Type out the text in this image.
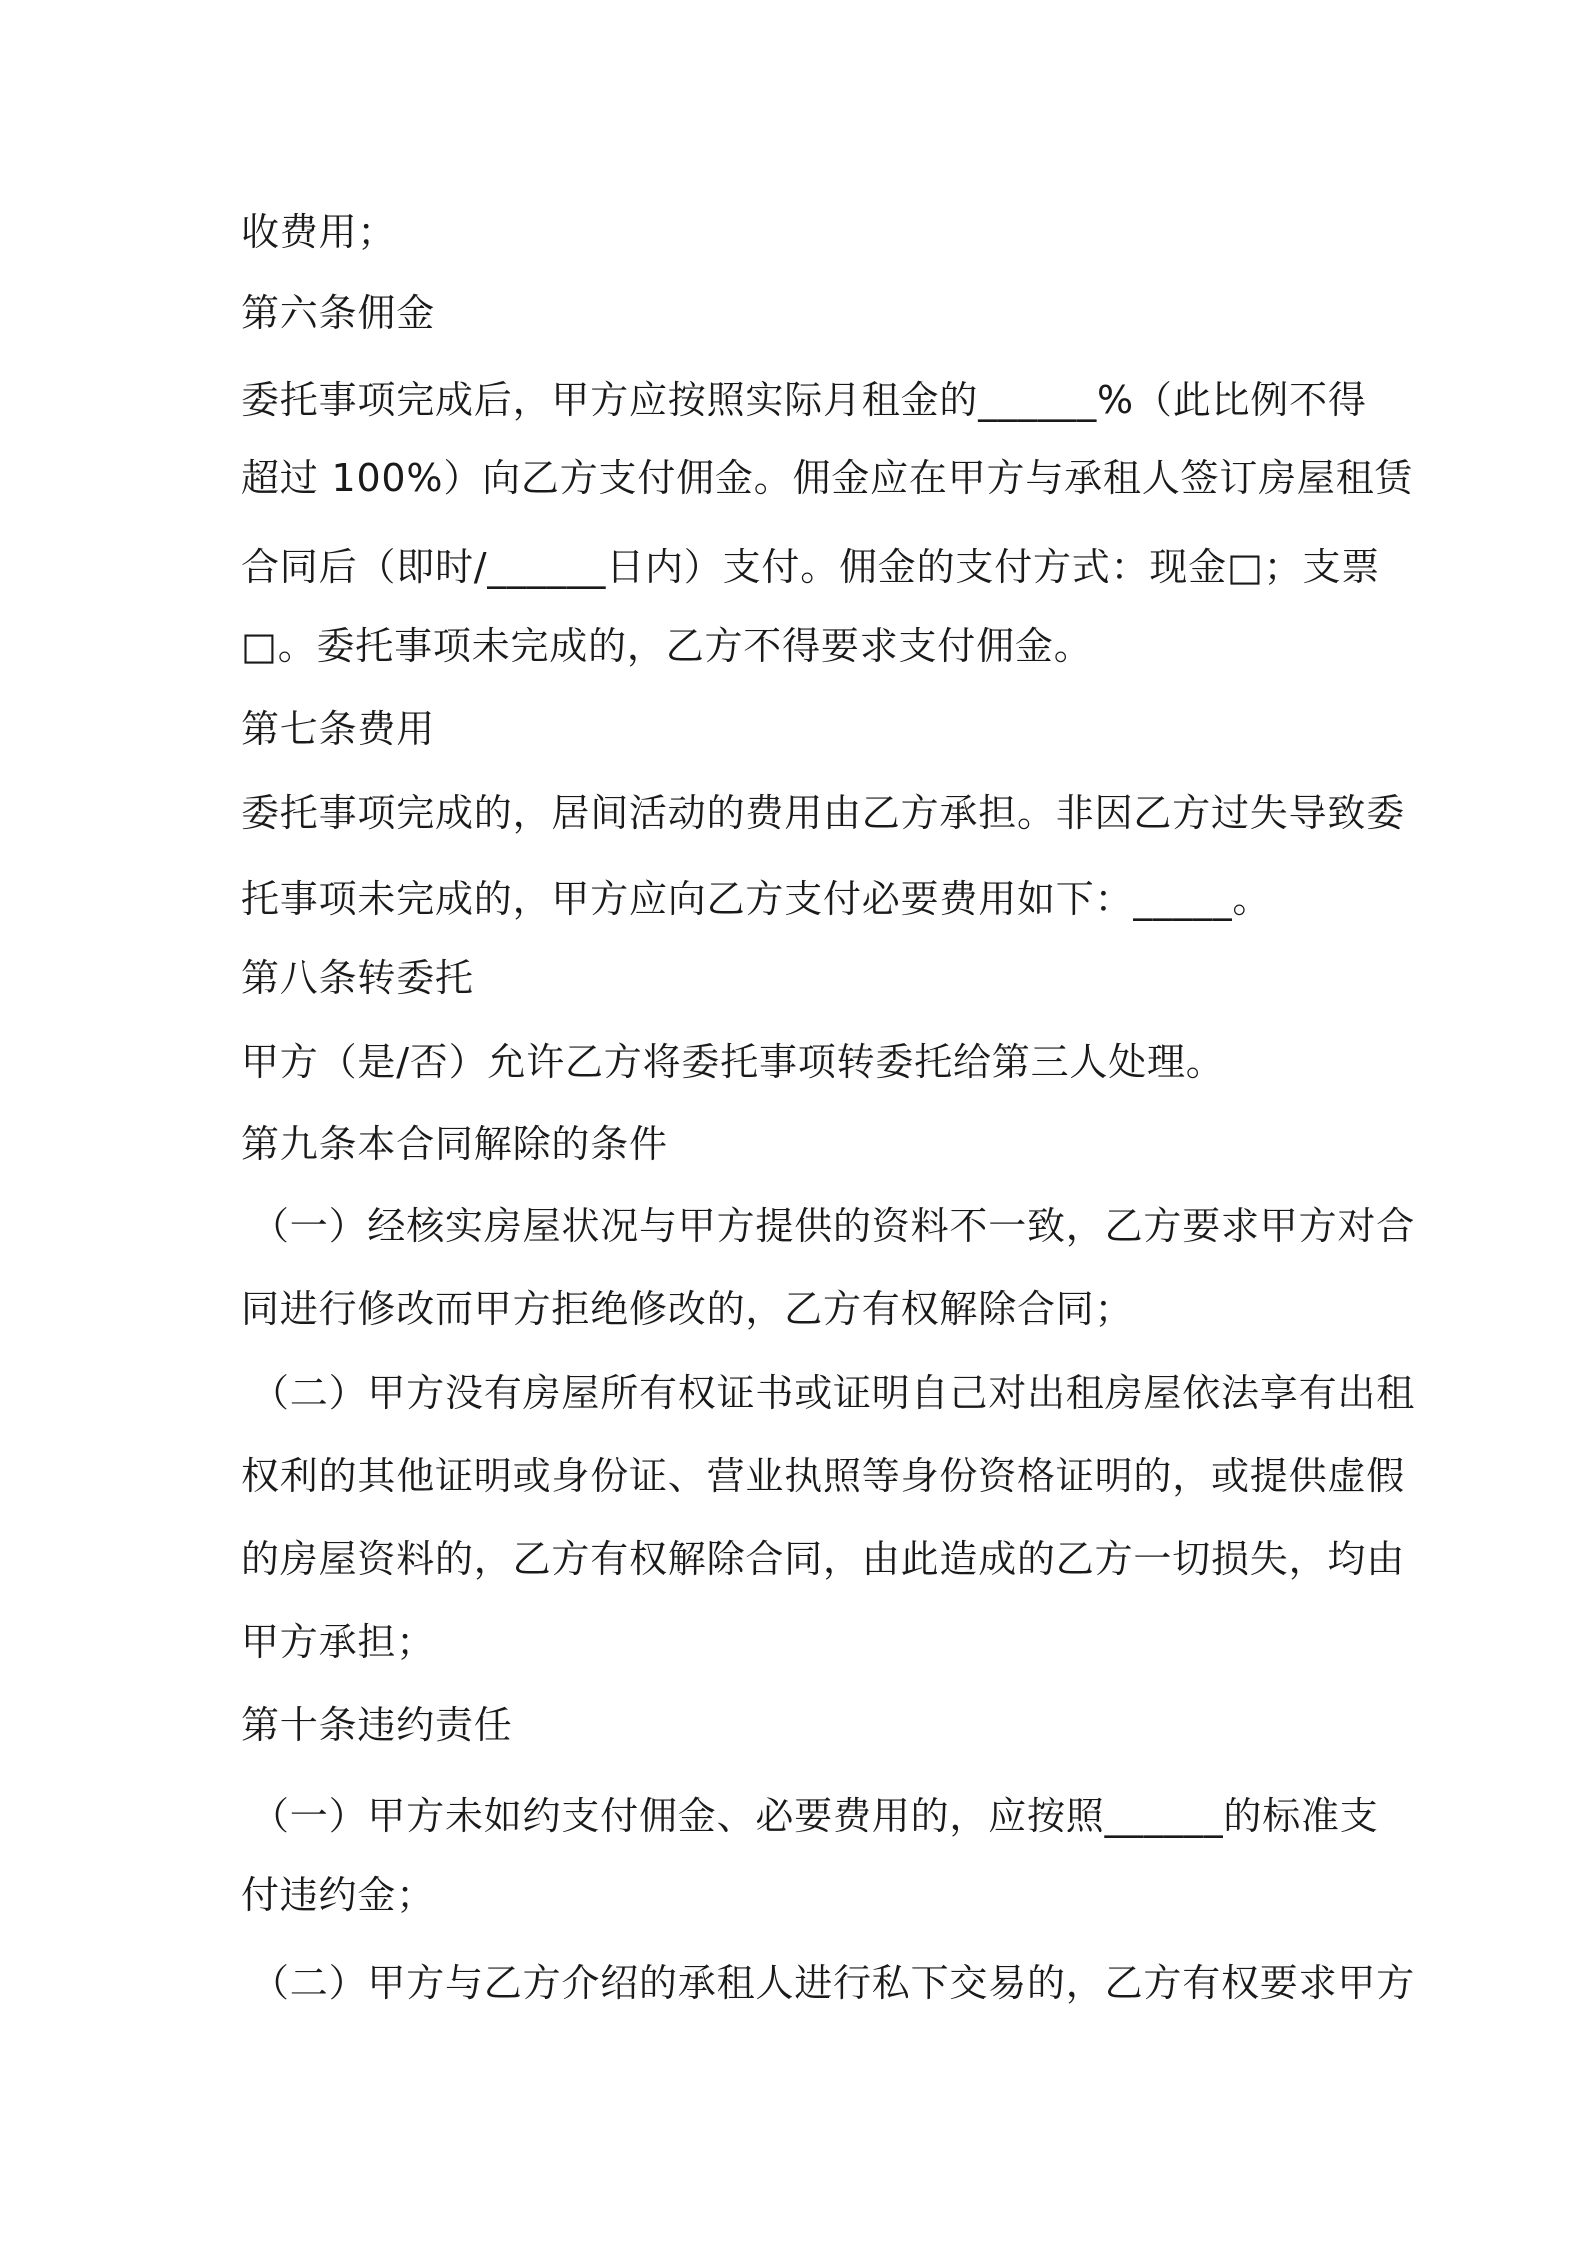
收费用；

第六条佣金

委托事项完成后，甲方应按照实际月租金的______%（此比例不得

超过 100%）向乙方支付佣金。佣金应在甲方与承租人签订房屋租赁

合同后（即时/______日内）支付。佣金的支付方式：现金□；支票

□。委托事项未完成的，乙方不得要求支付佣金。

第七条费用

委托事项完成的，居间活动的费用由乙方承担。非因乙方过失导致委

托事项未完成的，甲方应向乙方支付必要费用如下：_____。

第八条转委托

甲方（是/否）允许乙方将委托事项转委托给第三人处理。

第九条本合同解除的条件

（一）经核实房屋状况与甲方提供的资料不一致，乙方要求甲方对合

同进行修改而甲方拒绝修改的，乙方有权解除合同；

（二）甲方没有房屋所有权证书或证明自己对出租房屋依法享有出租

权利的其他证明或身份证、营业执照等身份资格证明的，或提供虚假

的房屋资料的，乙方有权解除合同，由此造成的乙方一切损失，均由

甲方承担；

第十条违约责任

（一）甲方未如约支付佣金、必要费用的，应按照______的标准支

付违约金；

（二）甲方与乙方介绍的承租人进行私下交易的，乙方有权要求甲方
